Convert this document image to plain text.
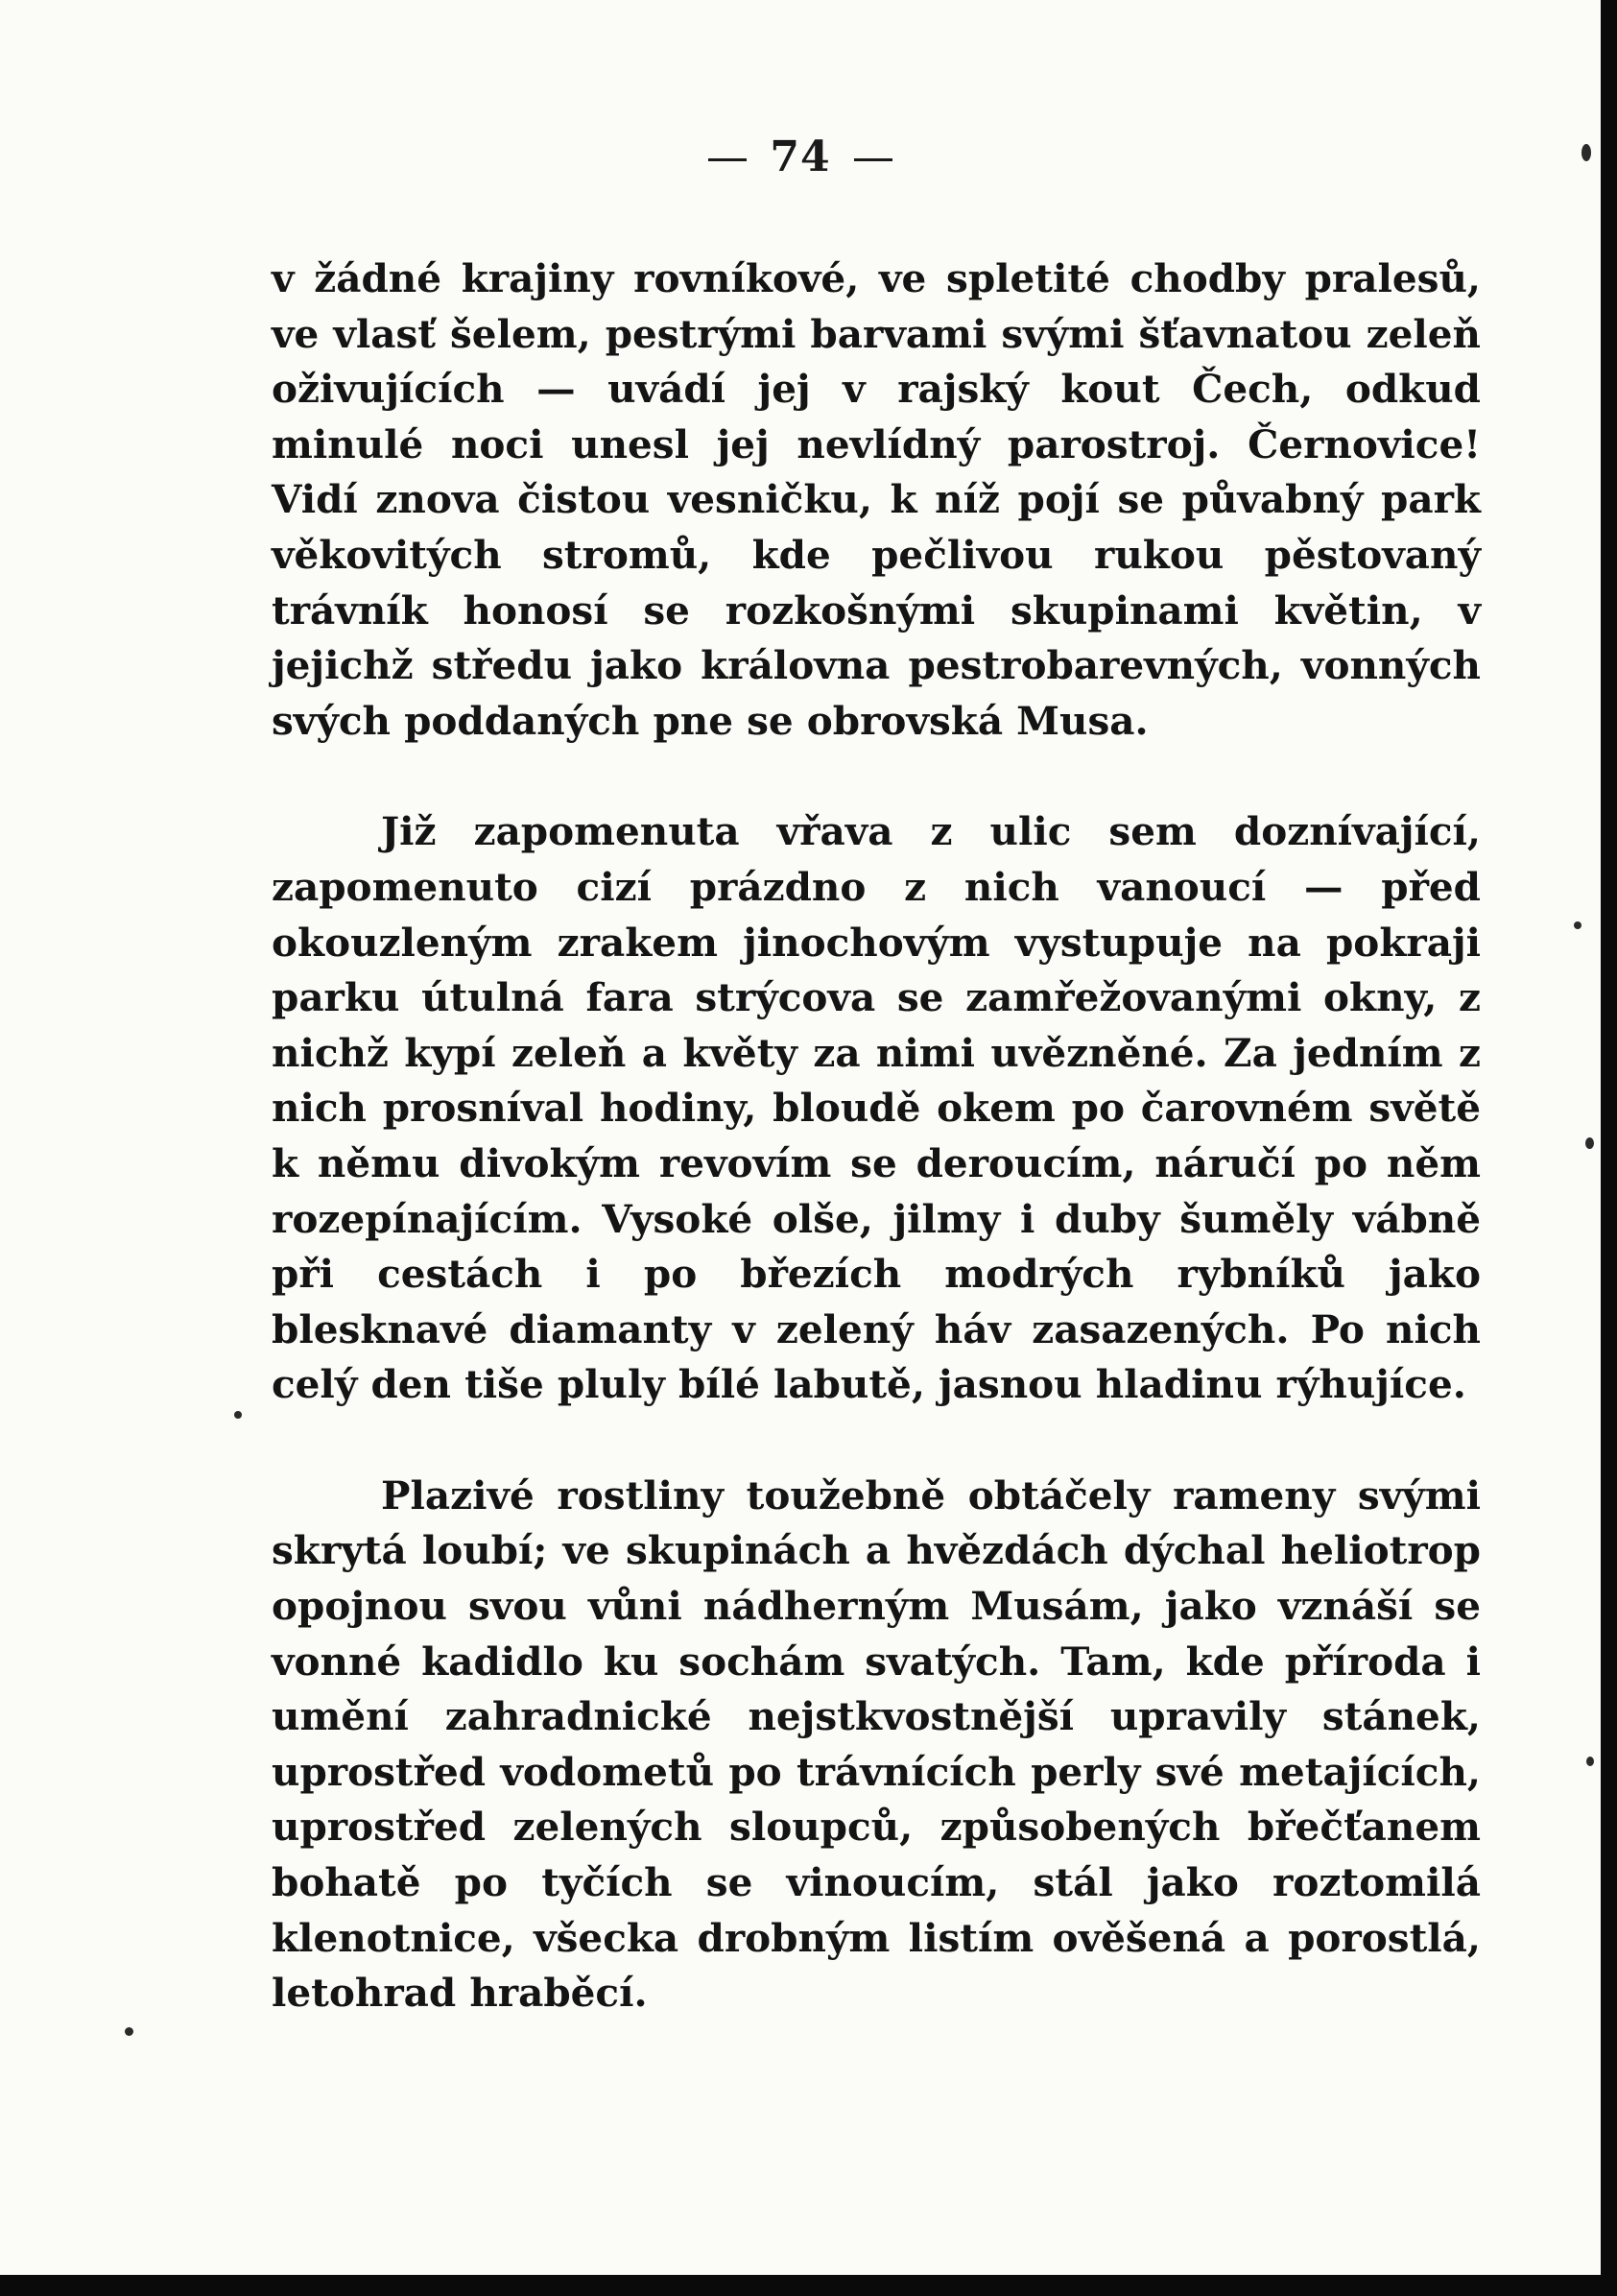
74

v žádné krajiny rovníkové, ve spletité chodby pralesů, ve vlasť šelem, pestrými barvami svými šťavnatou zeleň oživujících — uvádí jej v rajský kout Čech, odkud minulé noci unesl jej nevlídný parostroj. Černovice! Vidí znova čistou vesničku, k níž pojí se půvabný park věkovitých stromů, kde pečlivou rukou pěstovaný trávník honosí se rozkošnými skupinami květin, v jejichž středu jako královna pestrobarevných, vonných svých poddaných pne se obrovská Musa.

Již zapomenuta vřava z ulic sem doznívající, zapomenuto cizí prázdno z nich vanoucí — před okouzleným zrakem jinochovým vystupuje na pokraji parku útulná fara strýcova se zamřežovanými okny, z nichž kypí zeleň a květy za nimi uvězněné. Za jedním z nich prosníval hodiny, bloudě okem po čarovném světě k němu divokým revovím se deroucím, náručí po něm rozepínajícím. Vysoké olše, jilmy i duby šuměly vábně při cestách i po březích modrých rybníků jako blesknavé diamanty v zelený háv zasazených. Po nich celý den tiše pluly bílé labutě, jasnou hladinu rýhujíce.

Plazivé rostliny toužebně obtáčely rameny svými skrytá loubí; ve skupinách a hvězdách dýchal heliotrop opojnou svou vůni nádherným Musám, jako vznáší se vonné kadidlo ku sochám svatých. Tam, kde příroda i umění zahradnické nejstkvostnější upravily stánek, uprostřed vodometů po trávnících perly své metajících, uprostřed zelených sloupců, způsobených břečťanem bohatě po tyčích se vinoucím, stál jako roztomilá klenotnice, všecka drobným listím ověšená a porostlá, letohrad hraběcí.
